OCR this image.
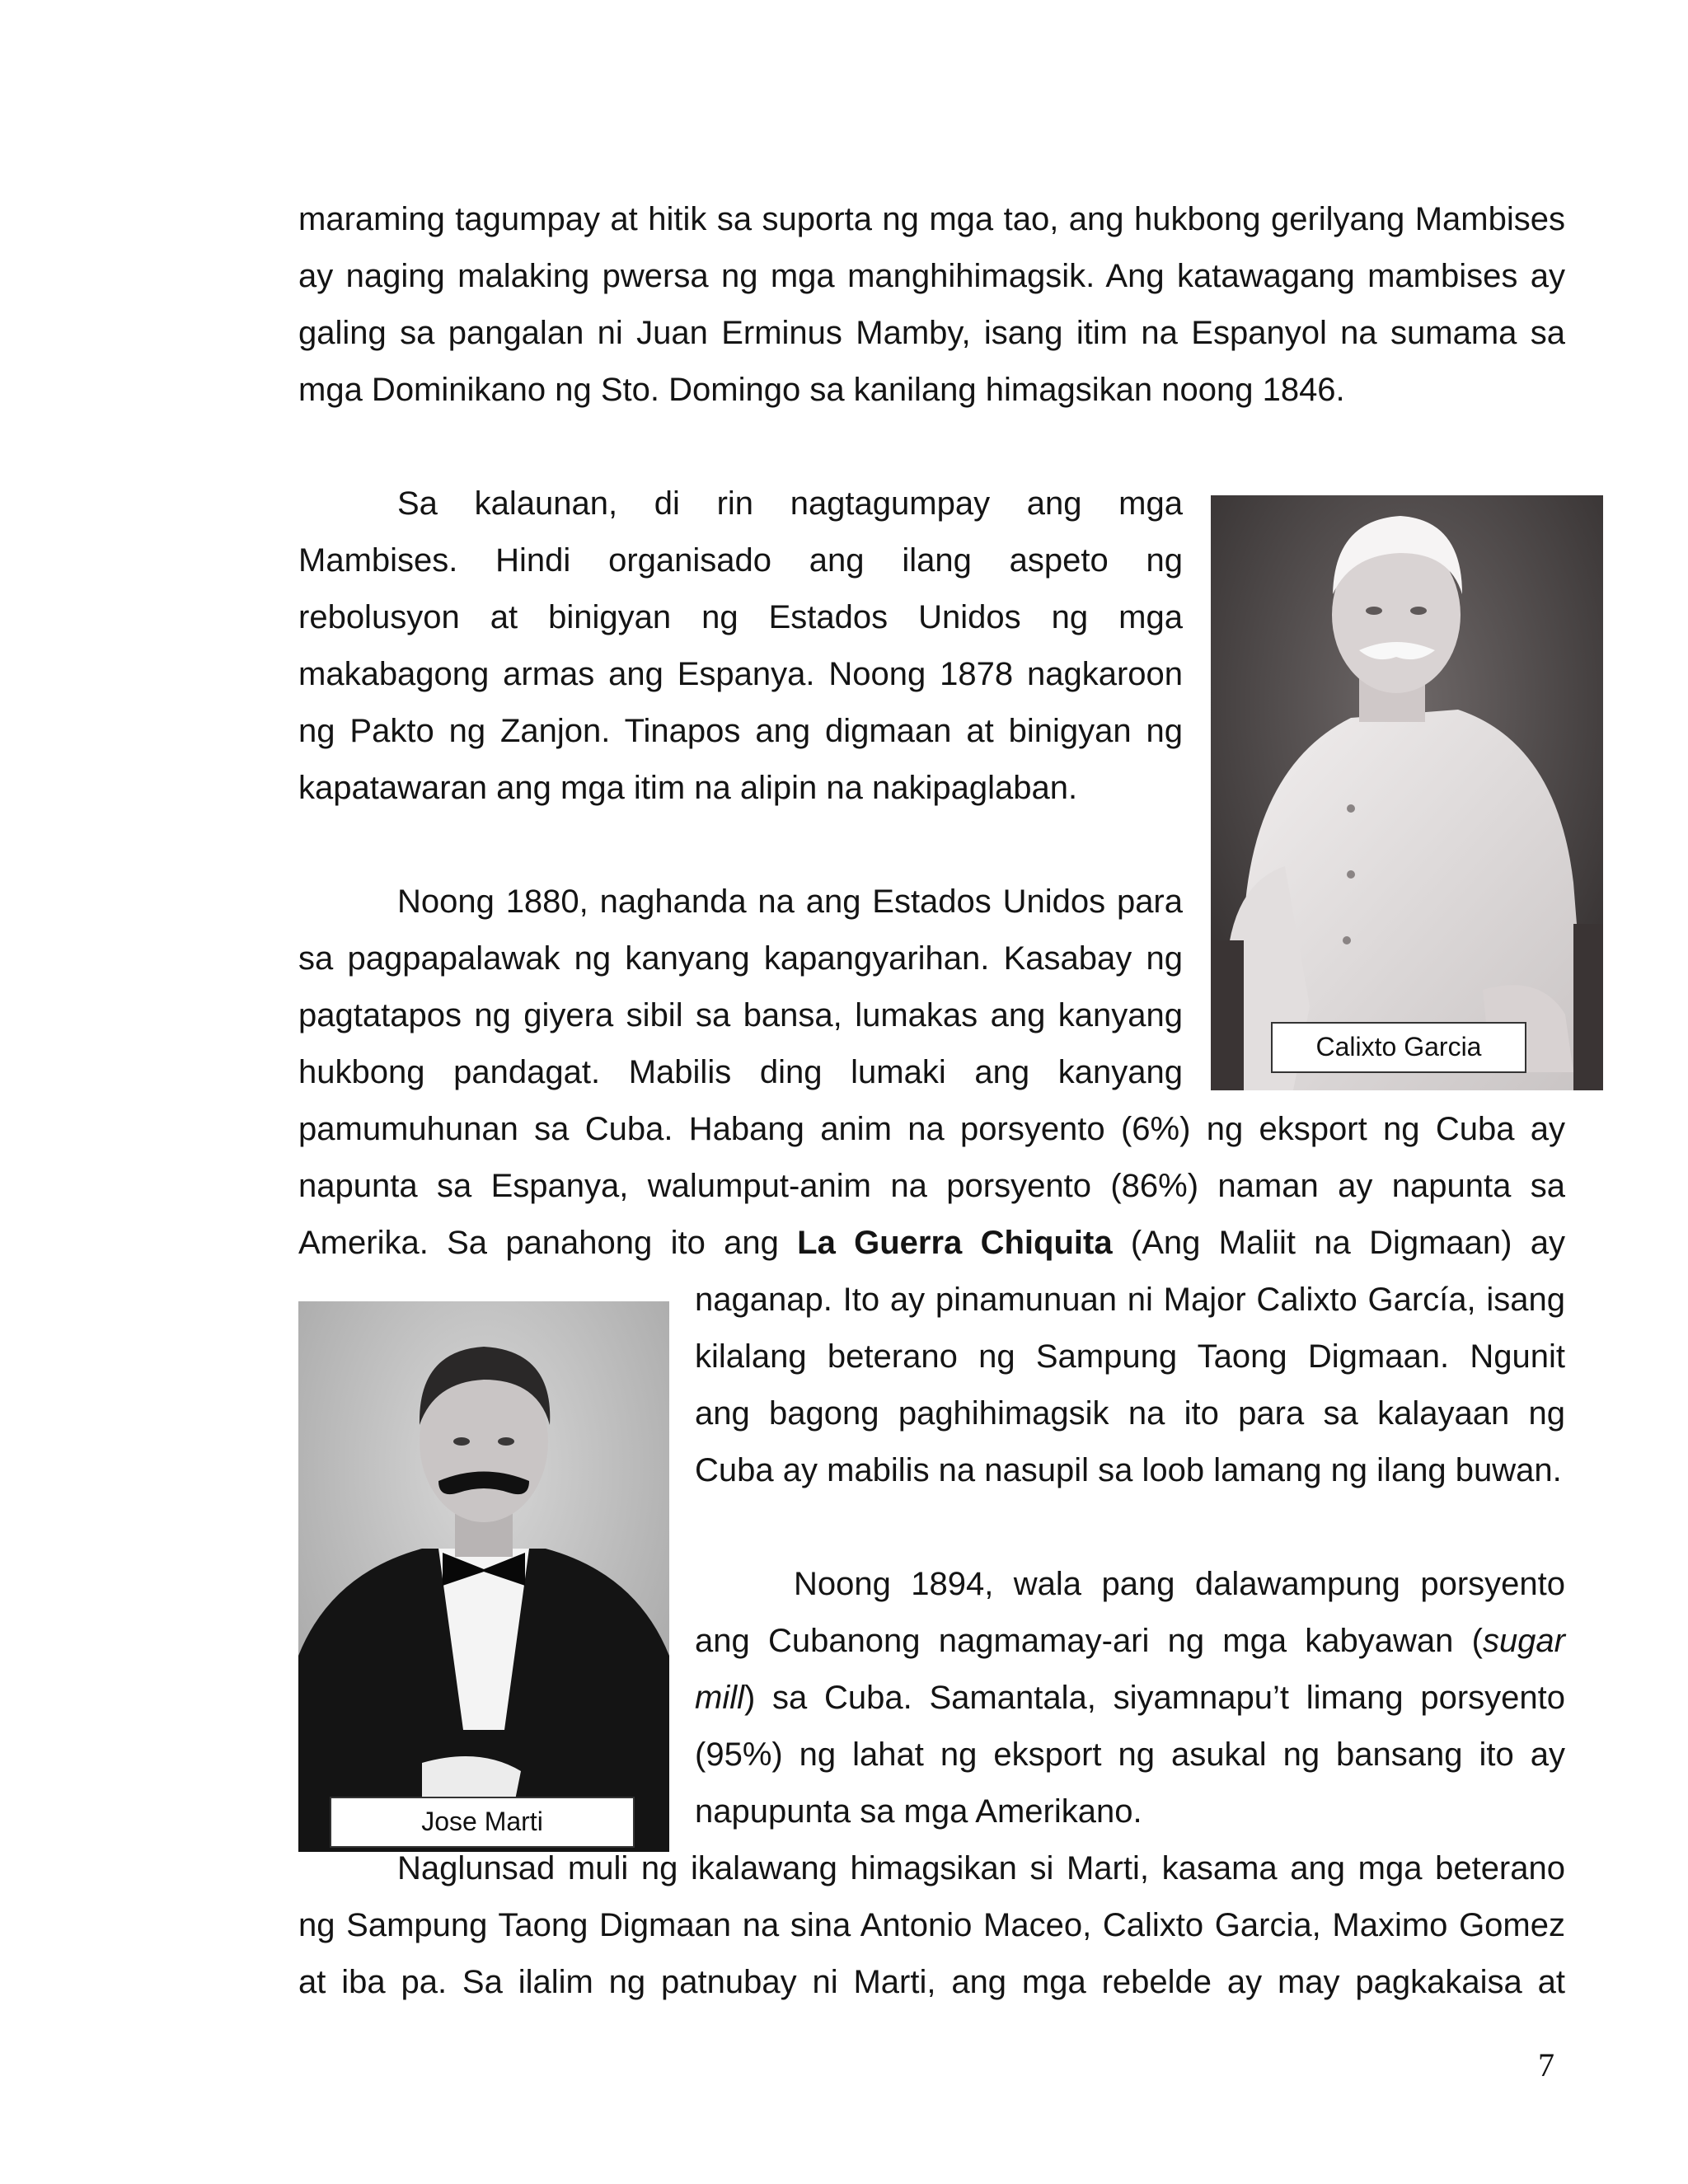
maraming tagumpay at hitik sa suporta ng mga tao, ang hukbong gerilyang Mambises
ay naging malaking pwersa ng mga manghihimagsik. Ang katawagang mambises ay
galing sa pangalan ni Juan Erminus Mamby, isang itim na Espanyol na sumama sa
mga Dominikano ng Sto. Domingo sa kanilang himagsikan noong 1846.
Sa kalaunan, di rin nagtagumpay ang mga
Mambises. Hindi organisado ang ilang aspeto ng
rebolusyon at binigyan ng Estados Unidos ng mga
makabagong armas ang Espanya. Noong 1878 nagkaroon
ng Pakto ng Zanjon. Tinapos ang digmaan at binigyan ng
kapatawaran ang mga itim na alipin na nakipaglaban.
Calixto Garcia
Noong 1880, naghanda na ang Estados Unidos para
sa pagpapalawak ng kanyang kapangyarihan. Kasabay ng
pagtatapos ng giyera sibil sa bansa, lumakas ang kanyang
hukbong pandagat. Mabilis ding lumaki ang kanyang
pamumuhunan sa Cuba. Habang anim na porsyento (6%) ng eksport ng Cuba ay
napunta sa Espanya, walumput-anim na porsyento (86%) naman ay napunta sa
Amerika. Sa panahong ito ang La Guerra Chiquita (Ang Maliit na Digmaan) ay
Jose Marti
naganap. Ito ay pinamunuan ni Major Calixto García, isang
kilalang beterano ng Sampung Taong Digmaan. Ngunit
ang bagong paghihimagsik na ito para sa kalayaan ng
Cuba ay mabilis na nasupil sa loob lamang ng ilang buwan.
Noong 1894, wala pang dalawampung porsyento
ang Cubanong nagmamay-ari ng mga kabyawan (sugar
mill) sa Cuba. Samantala, siyamnapu’t limang porsyento
(95%) ng lahat ng eksport ng asukal ng bansang ito ay
napupunta sa mga Amerikano.
Naglunsad muli ng ikalawang himagsikan si Marti, kasama ang mga beterano
ng Sampung Taong Digmaan na sina Antonio Maceo, Calixto Garcia, Maximo Gomez
at iba pa. Sa ilalim ng patnubay ni Marti, ang mga rebelde ay may pagkakaisa at
7
